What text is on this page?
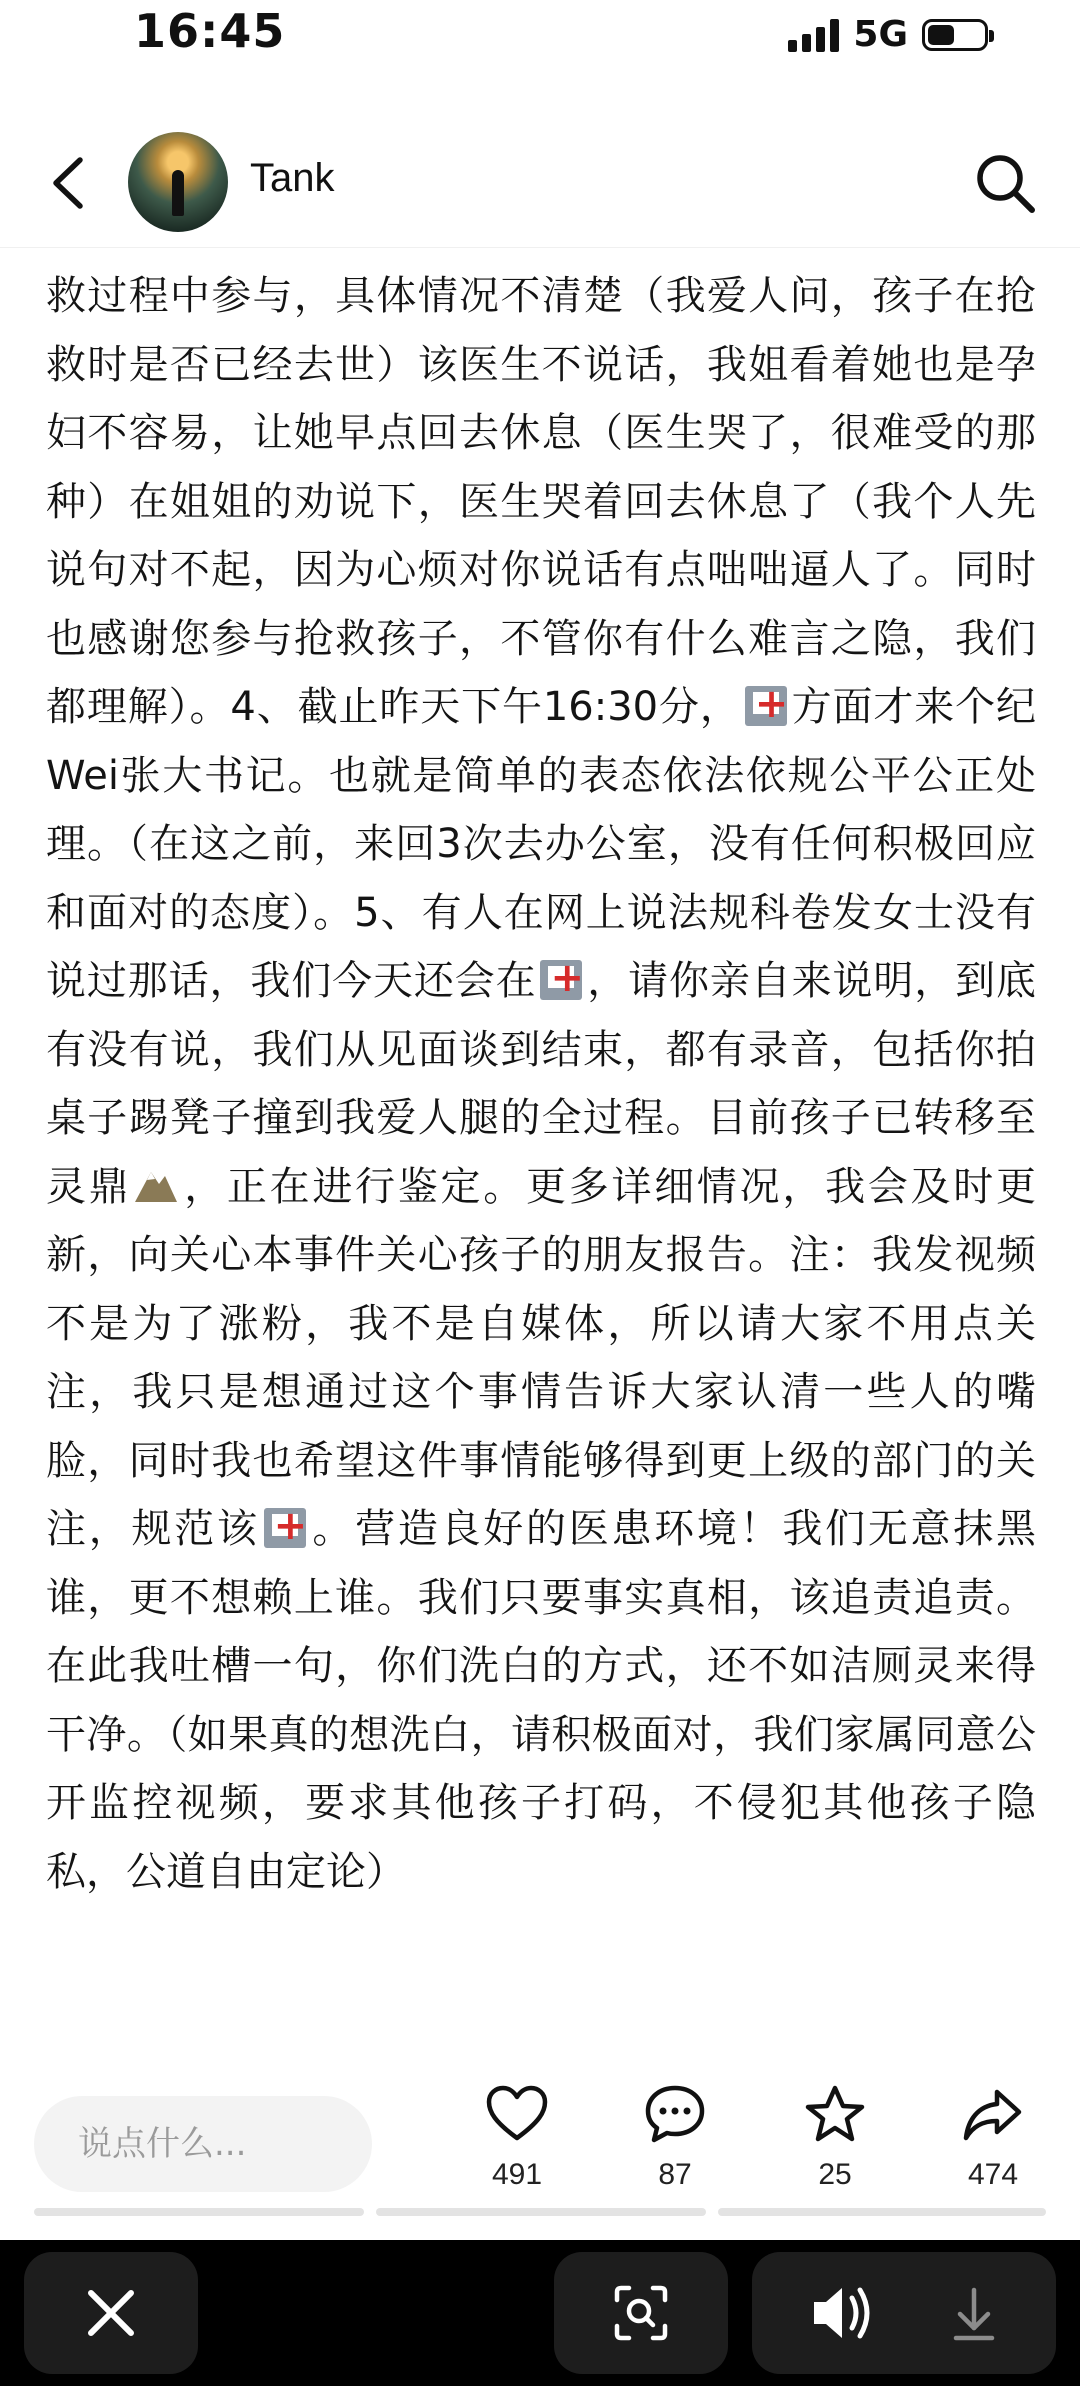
16:45	5G
Tank
救过程中参与，具体情况不清楚（我爱人问，孩子在抢救时是否已经去世）该医生不说话，我姐看着她也是孕妇不容易，让她早点回去休息（医生哭了，很难受的那种）在姐姐的劝说下，医生哭着回去休息了（我个人先说句对不起，因为心烦对你说话有点咄咄逼人了。同时也感谢您参与抢救孩子，不管你有什么难言之隐，我们都理解）。4、截止昨天下午16:30分， + 方面才来个纪Wei张大书记。也就是简单的表态依法依规公平公正处理。（在这之前，来回3次去办公室，没有任何积极回应和面对的态度）。5、有人在网上说法规科卷发女士没有说过那话，我们今天还会在 + ，请你亲自来说明，到底有没有说，我们从见面谈到结束，都有录音，包括你拍桌子踢凳子撞到我爱人腿的全过程。目前孩子已转移至灵鼎 ，正在进行鉴定。更多详细情况，我会及时更新，向关心本事件关心孩子的朋友报告。注：我发视频不是为了涨粉，我不是自媒体，所以请大家不用点关注，我只是想通过这个事情告诉大家认清一些人的嘴脸，同时我也希望这件事情能够得到更上级的部门的关注，规范该 + 。营造良好的医患环境！我们无意抹黑谁，更不想赖上谁。我们只要事实真相，该追责追责。在此我吐槽一句，你们洗白的方式，还不如洁厕灵来得干净。（如果真的想洗白，请积极面对，我们家属同意公开监控视频，要求其他孩子打码，不侵犯其他孩子隐私，公道自由定论）
说点什么...
491	87	25	474
